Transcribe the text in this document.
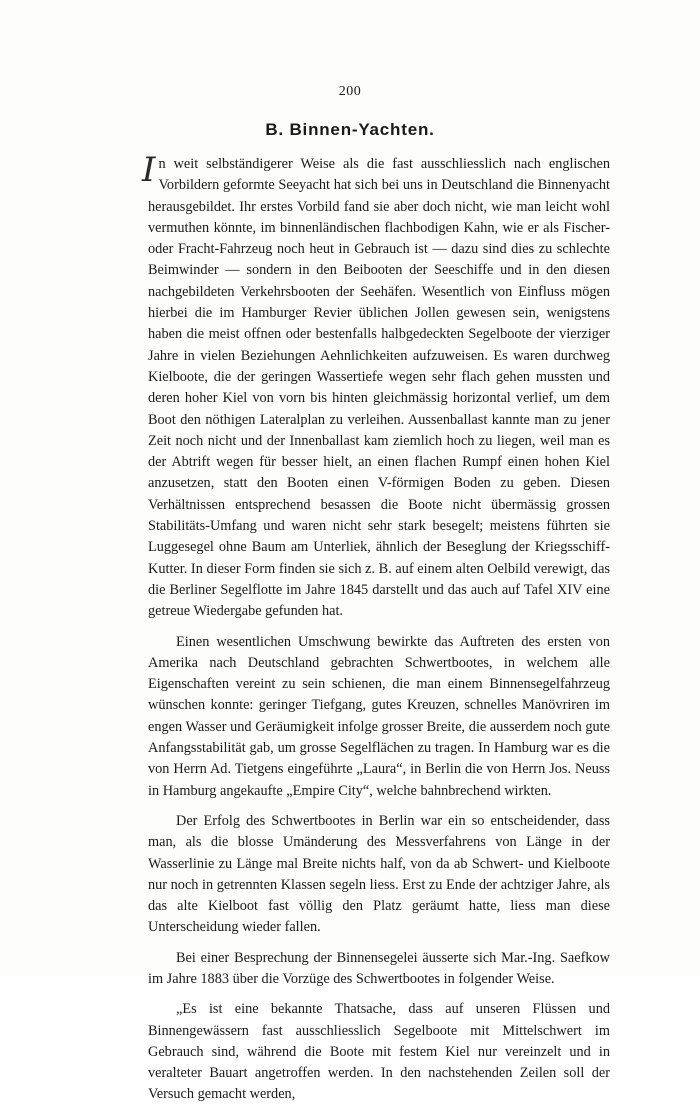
200
B. Binnen-Yachten.

In weit selbständigerer Weise als die fast ausschliesslich nach englischen Vorbildern geformte Seeyacht hat sich bei uns in Deutschland die Binnenyacht herausgebildet. Ihr erstes Vorbild fand sie aber doch nicht, wie man leicht wohl vermuthen könnte, im binnenländischen flachbodigen Kahn, wie er als Fischer- oder Fracht-Fahrzeug noch heut in Gebrauch ist — dazu sind dies zu schlechte Beimwinder — sondern in den Beibooten der Seeschiffe und in den diesen nachgebildeten Verkehrsbooten der Seehäfen. Wesentlich von Einfluss mögen hierbei die im Hamburger Revier üblichen Jollen gewesen sein, wenigstens haben die meist offnen oder bestenfalls halbgedeckten Segelboote der vierziger Jahre in vielen Beziehungen Aehnlichkeiten aufzuweisen. Es waren durchweg Kielboote, die der geringen Wassertiefe wegen sehr flach gehen mussten und deren hoher Kiel von vorn bis hinten gleichmässig horizontal verlief, um dem Boot den nöthigen Lateralplan zu verleihen. Aussenballast kannte man zu jener Zeit noch nicht und der Innenballast kam ziemlich hoch zu liegen, weil man es der Abtrift wegen für besser hielt, an einen flachen Rumpf einen hohen Kiel anzusetzen, statt den Booten einen V-förmigen Boden zu geben. Diesen Verhältnissen entsprechend besassen die Boote nicht übermässig grossen Stabilitäts-Umfang und waren nicht sehr stark besegelt; meistens führten sie Luggesegel ohne Baum am Unterliek, ähnlich der Beseglung der Kriegsschiff-Kutter. In dieser Form finden sie sich z. B. auf einem alten Oelbild verewigt, das die Berliner Segelflotte im Jahre 1845 darstellt und das auch auf Tafel XIV eine getreue Wiedergabe gefunden hat.

Einen wesentlichen Umschwung bewirkte das Auftreten des ersten von Amerika nach Deutschland gebrachten Schwertbootes, in welchem alle Eigenschaften vereint zu sein schienen, die man einem Binnensegelfahrzeug wünschen konnte: geringer Tiefgang, gutes Kreuzen, schnelles Manövriren im engen Wasser und Geräumigkeit infolge grosser Breite, die ausserdem noch gute Anfangsstabilität gab, um grosse Segelflächen zu tragen. In Hamburg war es die von Herrn Ad. Tietgens eingeführte „Laura“, in Berlin die von Herrn Jos. Neuss in Hamburg angekaufte „Empire City“, welche bahnbrechend wirkten.

Der Erfolg des Schwertbootes in Berlin war ein so entscheidender, dass man, als die blosse Umänderung des Messverfahrens von Länge in der Wasserlinie zu Länge mal Breite nichts half, von da ab Schwert- und Kielboote nur noch in getrennten Klassen segeln liess. Erst zu Ende der achtziger Jahre, als das alte Kielboot fast völlig den Platz geräumt hatte, liess man diese Unterscheidung wieder fallen.

Bei einer Besprechung der Binnensegelei äusserte sich Mar.-Ing. Saefkow im Jahre 1883 über die Vorzüge des Schwertbootes in folgender Weise.

„Es ist eine bekannte Thatsache, dass auf unseren Flüssen und Binnengewässern fast ausschliesslich Segelboote mit Mittelschwert im Gebrauch sind, während die Boote mit festem Kiel nur vereinzelt und in veralteter Bauart angetroffen werden. In den nachstehenden Zeilen soll der Versuch gemacht werden,
